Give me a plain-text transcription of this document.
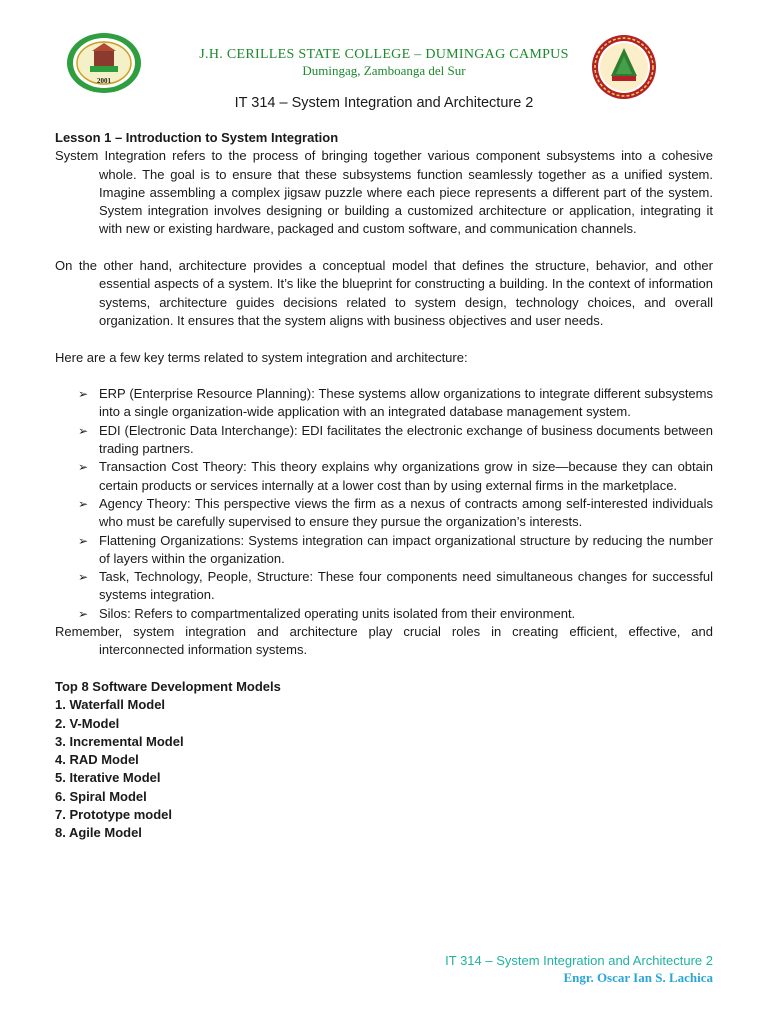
2001
J.H. CERILLES STATE COLLEGE – DUMINGAG CAMPUS
Dumingag, Zamboanga del Sur
IT 314 – System Integration and Architecture 2
Lesson 1 – Introduction to System Integration

System Integration refers to the process of bringing together various component subsystems into a cohesive whole. The goal is to ensure that these subsystems function seamlessly together as a unified system. Imagine assembling a complex jigsaw puzzle where each piece represents a different part of the system. System integration involves designing or building a customized architecture or application, integrating it with new or existing hardware, packaged and custom software, and communication channels.

On the other hand, architecture provides a conceptual model that defines the structure, behavior, and other essential aspects of a system. It’s like the blueprint for constructing a building. In the context of information systems, architecture guides decisions related to system design, technology choices, and overall organization. It ensures that the system aligns with business objectives and user needs.

Here are a few key terms related to system integration and architecture:
➢ ERP (Enterprise Resource Planning): These systems allow organizations to integrate different subsystems into a single organization-wide application with an integrated database management system.
➢ EDI (Electronic Data Interchange): EDI facilitates the electronic exchange of business documents between trading partners.
➢ Transaction Cost Theory: This theory explains why organizations grow in size—because they can obtain certain products or services internally at a lower cost than by using external firms in the marketplace.
➢ Agency Theory: This perspective views the firm as a nexus of contracts among self-interested individuals who must be carefully supervised to ensure they pursue the organization’s interests.
➢ Flattening Organizations: Systems integration can impact organizational structure by reducing the number of layers within the organization.
➢ Task, Technology, People, Structure: These four components need simultaneous changes for successful systems integration.
➢ Silos: Refers to compartmentalized operating units isolated from their environment.

Remember, system integration and architecture play crucial roles in creating efficient, effective, and interconnected information systems.

Top 8 Software Development Models
1. Waterfall Model
2. V-Model
3. Incremental Model
4. RAD Model
5. Iterative Model
6. Spiral Model
7. Prototype model
8. Agile Model
IT 314 – System Integration and Architecture 2
Engr. Oscar Ian S. Lachica
